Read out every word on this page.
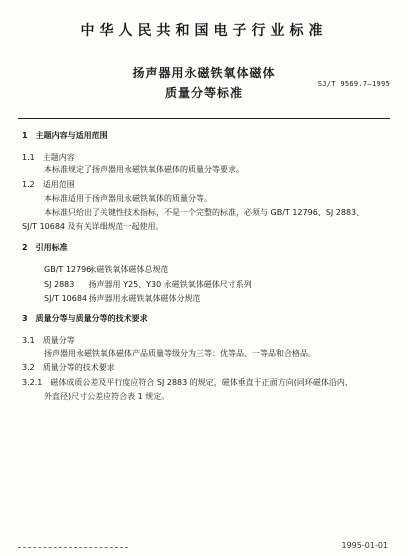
中华人民共和国电子行业标准
扬声器用永磁铁氧体磁体
SJ/T 9569.7—1995
质量分等标准
1　主题内容与适用范围
1.1　主题内容
本标准规定了扬声器用永磁铁氧体磁体的质量分等要求。
1.2　适用范围
本标准适用于扬声器用永磁铁氧体的质量分等。
本标准只给出了关键性技术指标，不是一个完整的标准，必须与 GB/T 12796、SJ 2883、
SJ/T 10684 及有关详细规范一起使用。
2　引用标准
GB/T 12796 永磁铁氧体磁体总规范
SJ 2883 扬声器用 Y25、Y30 永磁铁氧体磁体尺寸系列
SJ/T 10684 扬声器用永磁铁氧体磁体分规范
3　质量分等与质量分等的技术要求
3.1　质量分等
扬声器用永磁铁氧体磁体产品质量等级分为三等：优等品、一等品和合格品。
3.2　质量分等的技术要求
3.2.1　磁体成质公差及平行度应符合 SJ 2883 的规定，磁体垂直于正面方向(同环磁体沿内、
外直径)尺寸公差应符合表 1 规定。
1995-01-01
